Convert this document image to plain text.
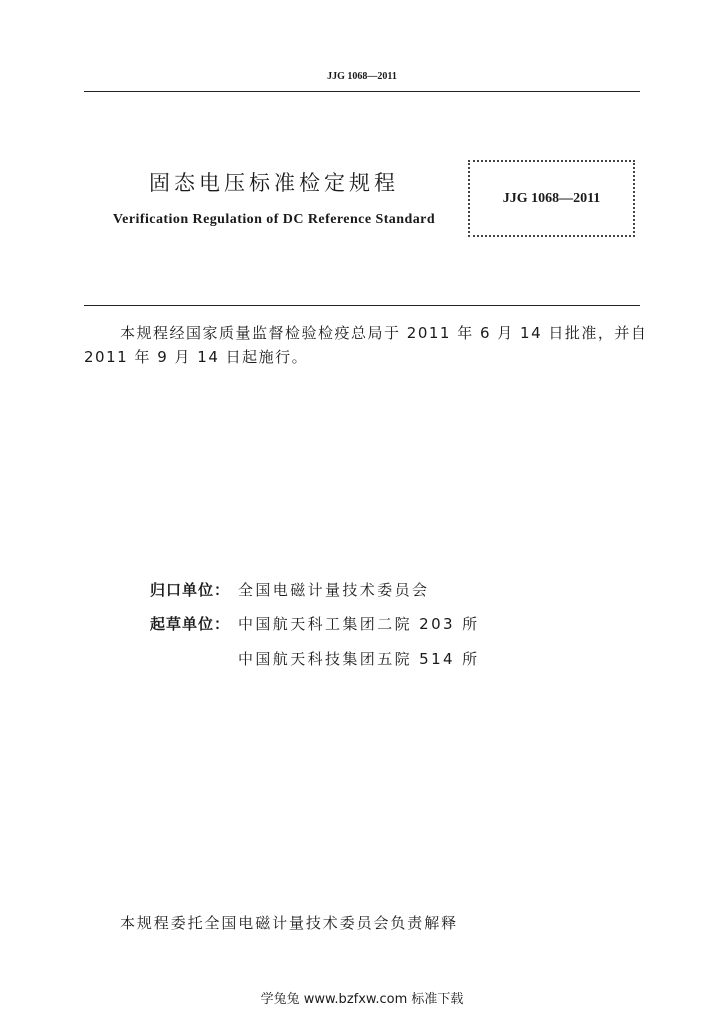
JJG 1068—2011
固态电压标准检定规程
Verification Regulation of DC Reference Standard
JJG 1068—2011
本规程经国家质量监督检验检疫总局于 2011 年 6 月 14 日批准，并自
2011 年 9 月 14 日起施行。
归口单位： 全国电磁计量技术委员会
起草单位： 中国航天科工集团二院 203 所
中国航天科技集团五院 514 所
本规程委托全国电磁计量技术委员会负责解释
学兔兔 www.bzfxw.com 标准下载
